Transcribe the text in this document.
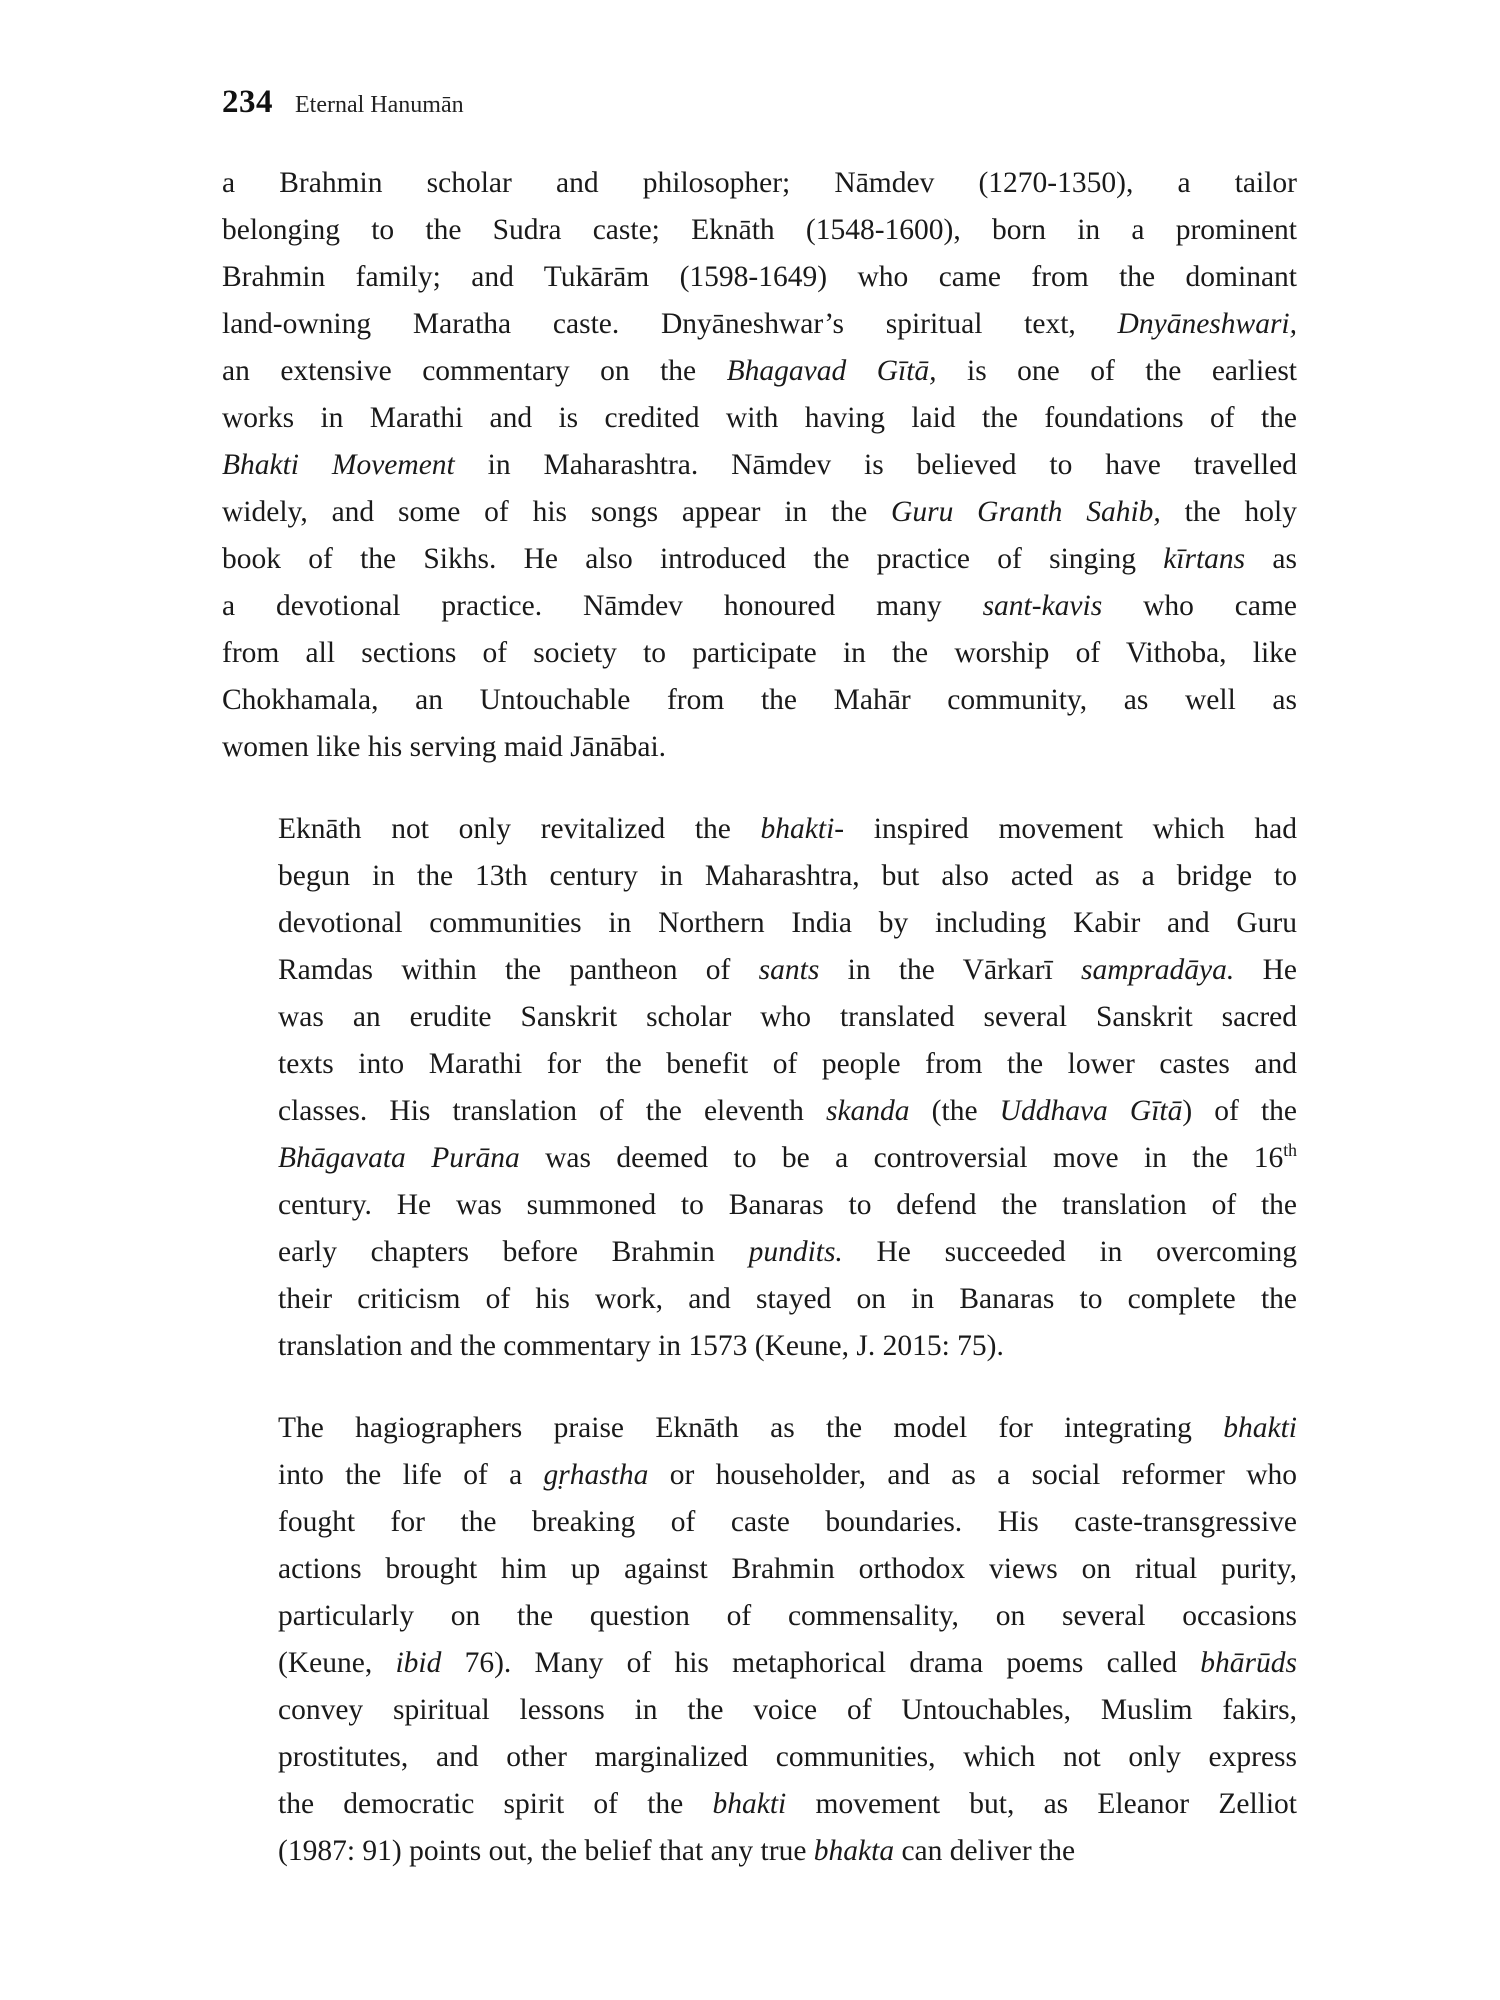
234 Eternal Hanumān

a Brahmin scholar and philosopher; Nāmdev (1270-1350), a tailor
belonging to the Sudra caste; Eknāth (1548-1600), born in a prominent
Brahmin family; and Tukārām (1598-1649) who came from the dominant
land-owning Maratha caste. Dnyāneshwar’s spiritual text, Dnyāneshwari,
an extensive commentary on the Bhagavad Gītā, is one of the earliest
works in Marathi and is credited with having laid the foundations of the
Bhakti Movement in Maharashtra. Nāmdev is believed to have travelled
widely, and some of his songs appear in the Guru Granth Sahib, the holy
book of the Sikhs. He also introduced the practice of singing kīrtans as
a devotional practice. Nāmdev honoured many sant-kavis who came
from all sections of society to participate in the worship of Vithoba, like
Chokhamala, an Untouchable from the Mahār community, as well as
women like his serving maid Jānābai.

Eknāth not only revitalized the bhakti- inspired movement which had
begun in the 13th century in Maharashtra, but also acted as a bridge to
devotional communities in Northern India by including Kabir and Guru
Ramdas within the pantheon of sants in the Vārkarī sampradāya. He
was an erudite Sanskrit scholar who translated several Sanskrit sacred
texts into Marathi for the benefit of people from the lower castes and
classes. His translation of the eleventh skanda (the Uddhava Gītā) of the
Bhāgavata Purāna was deemed to be a controversial move in the 16th
century. He was summoned to Banaras to defend the translation of the
early chapters before Brahmin pundits. He succeeded in overcoming
their criticism of his work, and stayed on in Banaras to complete the
translation and the commentary in 1573 (Keune, J. 2015: 75).

The hagiographers praise Eknāth as the model for integrating bhakti
into the life of a gṛhastha or householder, and as a social reformer who
fought for the breaking of caste boundaries. His caste-transgressive
actions brought him up against Brahmin orthodox views on ritual purity,
particularly on the question of commensality, on several occasions
(Keune, ibid 76). Many of his metaphorical drama poems called bhārūds
convey spiritual lessons in the voice of Untouchables, Muslim fakirs,
prostitutes, and other marginalized communities, which not only express
the democratic spirit of the bhakti movement but, as Eleanor Zelliot
(1987: 91) points out, the belief that any true bhakta can deliver the
